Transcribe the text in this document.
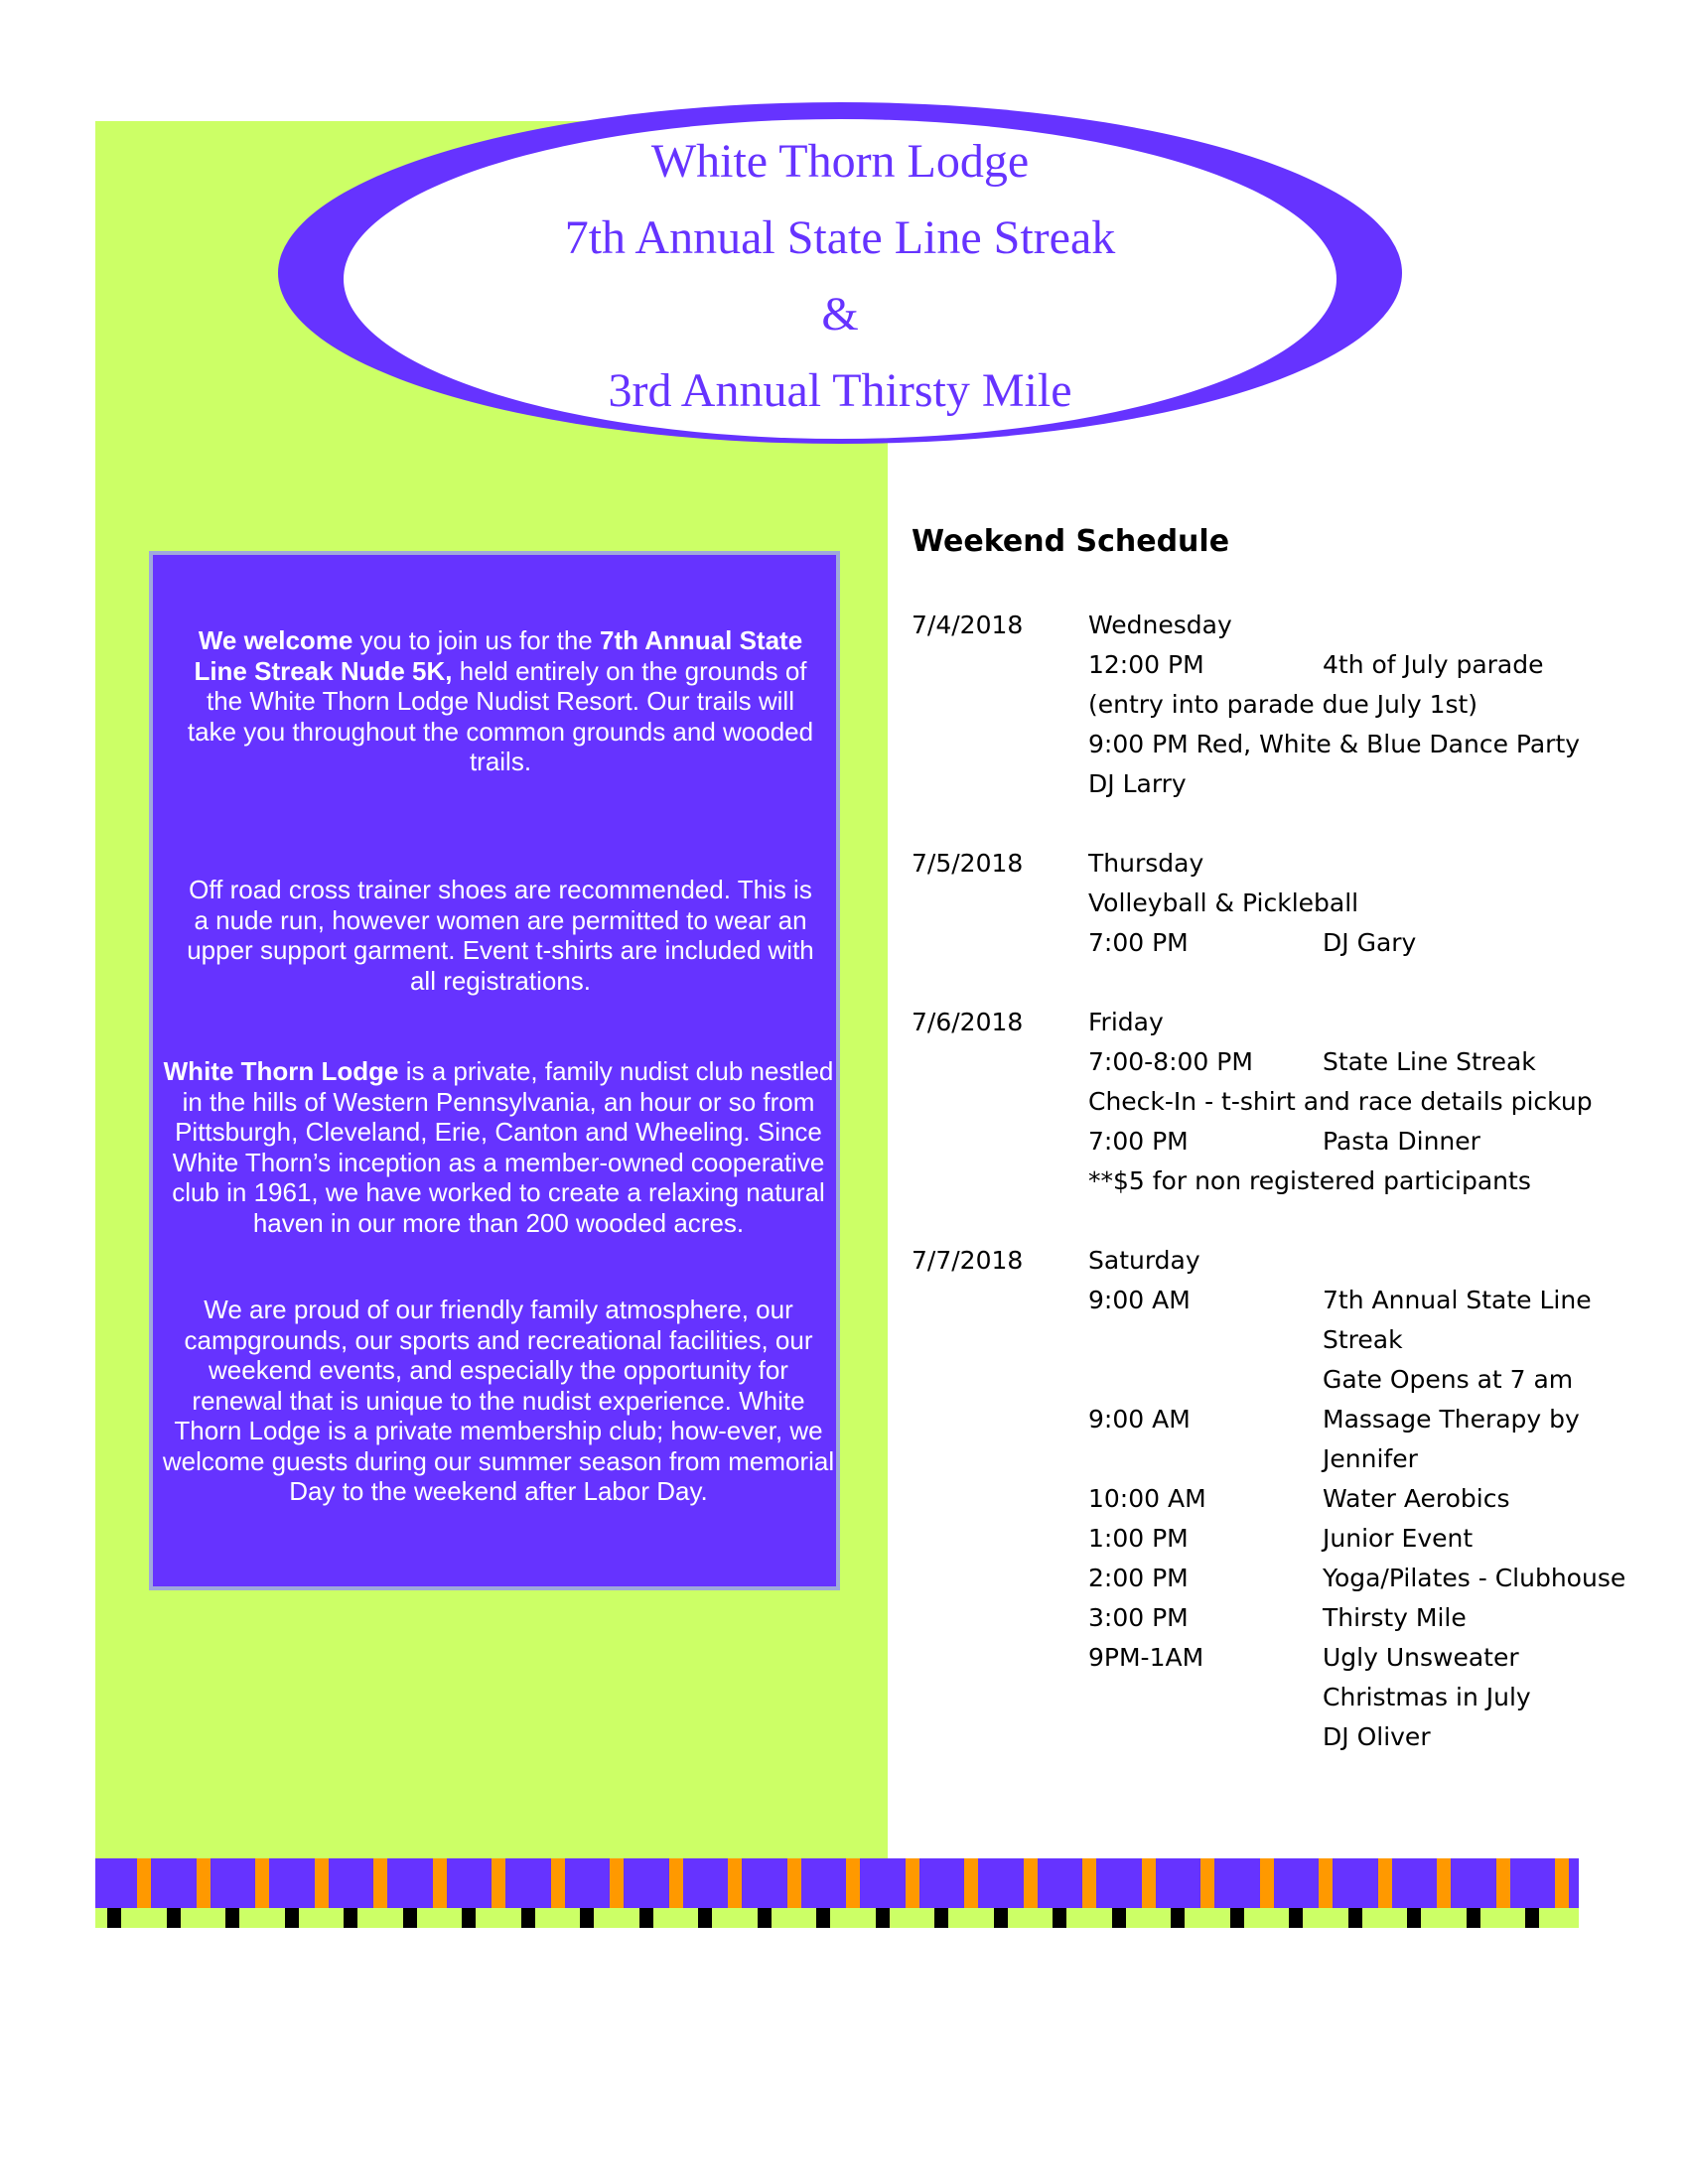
White Thorn Lodge
7th Annual State Line Streak
&
3rd Annual Thirsty Mile
We welcome you to join us for the 7th Annual State Line Streak Nude 5K, held entirely on the grounds of the White Thorn Lodge Nudist Resort. Our trails will take you throughout the common grounds and wooded trails.
Off road cross trainer shoes are recommended. This is a nude run, however women are permitted to wear an upper support garment. Event t-shirts are included with all registrations.
White Thorn Lodge is a private, family nudist club nestled in the hills of Western Pennsylvania, an hour or so from Pittsburgh, Cleveland, Erie, Canton and Wheeling. Since White Thorn’s inception as a member-owned cooperative club in 1961, we have worked to create a relaxing natural haven in our more than 200 wooded acres.
We are proud of our friendly family atmosphere, our campgrounds, our sports and recreational facilities, our weekend events, and especially the opportunity for renewal that is unique to the nudist experience. White Thorn Lodge is a private membership club; how-ever, we welcome guests during our summer season from memorial Day to the weekend after Labor Day.
Weekend Schedule
7/4/2018	Wednesday
12:00 PM	4th of July parade
(entry into parade due July 1st)
9:00 PM Red, White & Blue Dance Party
DJ Larry
7/5/2018	Thursday
Volleyball & Pickleball
7:00 PM	DJ Gary
7/6/2018	Friday
7:00-8:00 PM	State Line Streak
Check-In - t-shirt and race details pickup
7:00 PM	Pasta Dinner
**$5 for non registered participants
7/7/2018	Saturday
9:00 AM	7th Annual State Line
Streak
Gate Opens at 7 am
9:00 AM	Massage Therapy by
Jennifer
10:00 AM	Water Aerobics
1:00 PM	Junior Event
2:00 PM	Yoga/Pilates - Clubhouse
3:00 PM	Thirsty Mile
9PM-1AM	Ugly Unsweater
Christmas in July
DJ Oliver
